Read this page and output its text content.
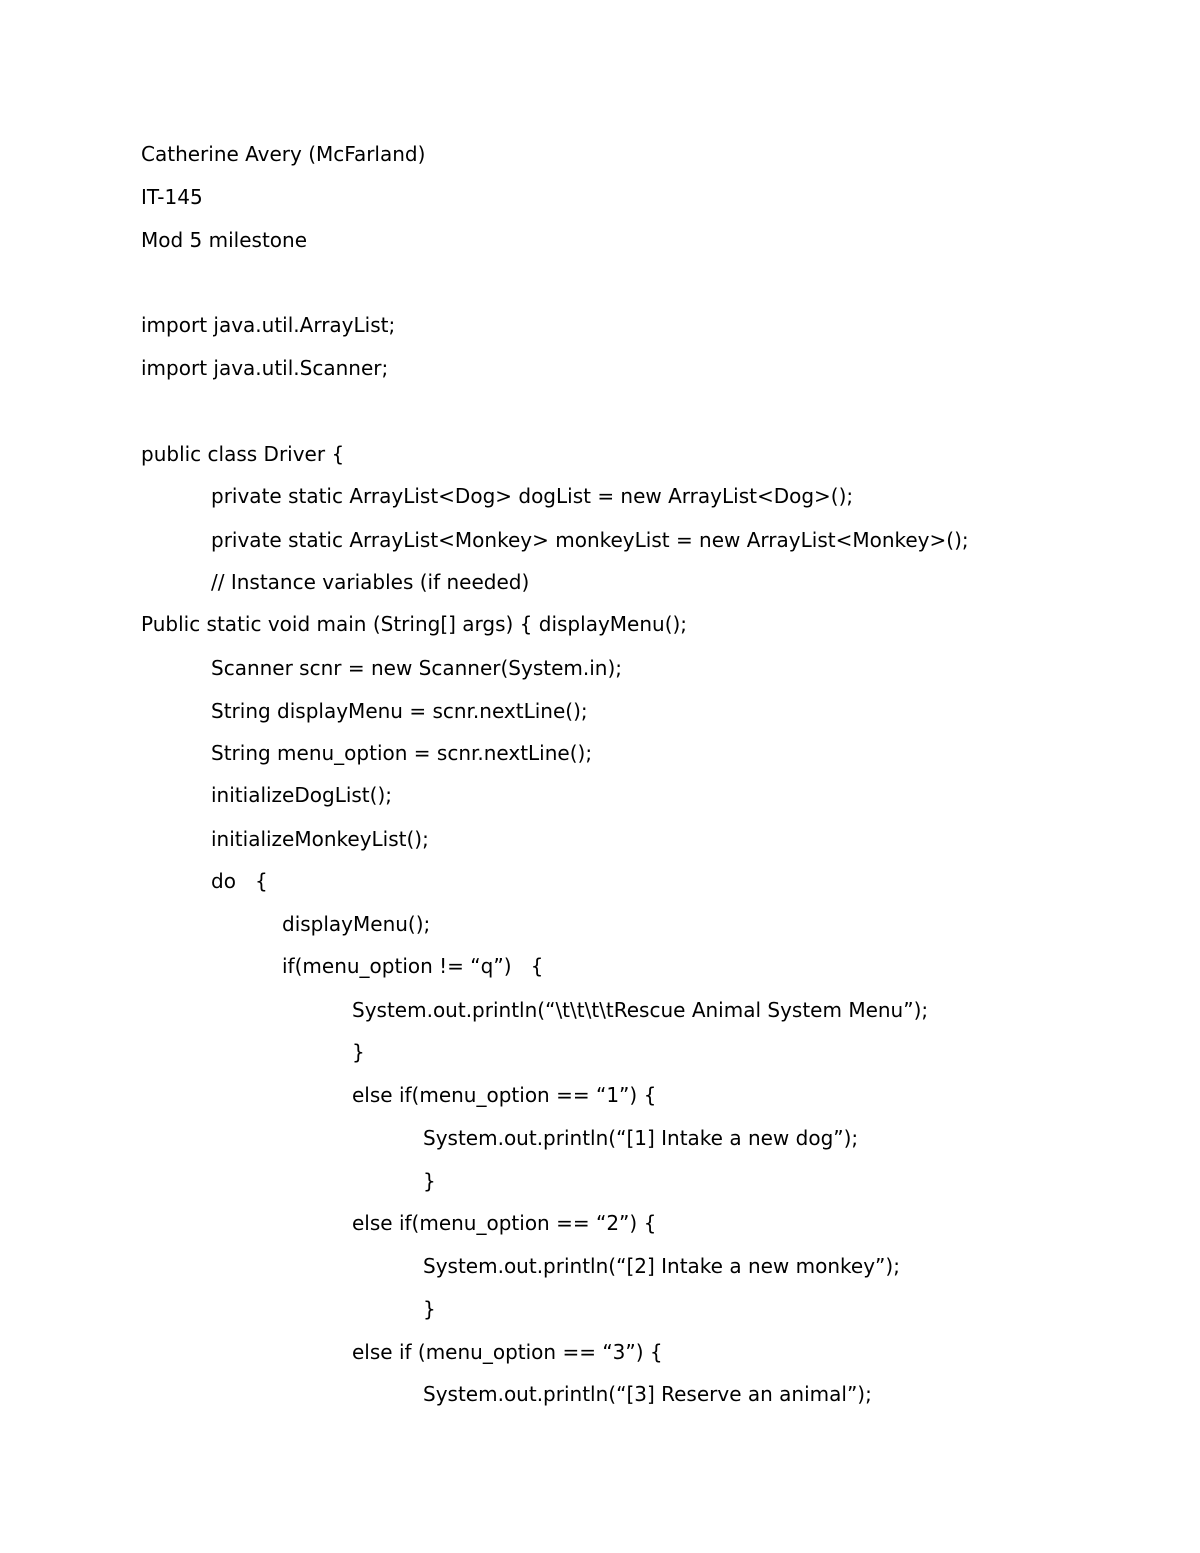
Catherine Avery (McFarland)
IT-145
Mod 5 milestone
import java.util.ArrayList;
import java.util.Scanner;
public class Driver {
private static ArrayList<Dog> dogList = new ArrayList<Dog>();
private static ArrayList<Monkey> monkeyList = new ArrayList<Monkey>();
// Instance variables (if needed)
Public static void main (String[] args) { displayMenu();
Scanner scnr = new Scanner(System.in);
String displayMenu = scnr.nextLine();
String menu_option = scnr.nextLine();
initializeDogList();
initializeMonkeyList();
do   {
displayMenu();
if(menu_option != “q”)   {
System.out.println(“\t\t\t\tRescue Animal System Menu”);
}
else if(menu_option == “1”) {
System.out.println(“[1] Intake a new dog”);
}
else if(menu_option == “2”) {
System.out.println(“[2] Intake a new monkey”);
}
else if (menu_option == “3”) {
System.out.println(“[3] Reserve an animal”);
